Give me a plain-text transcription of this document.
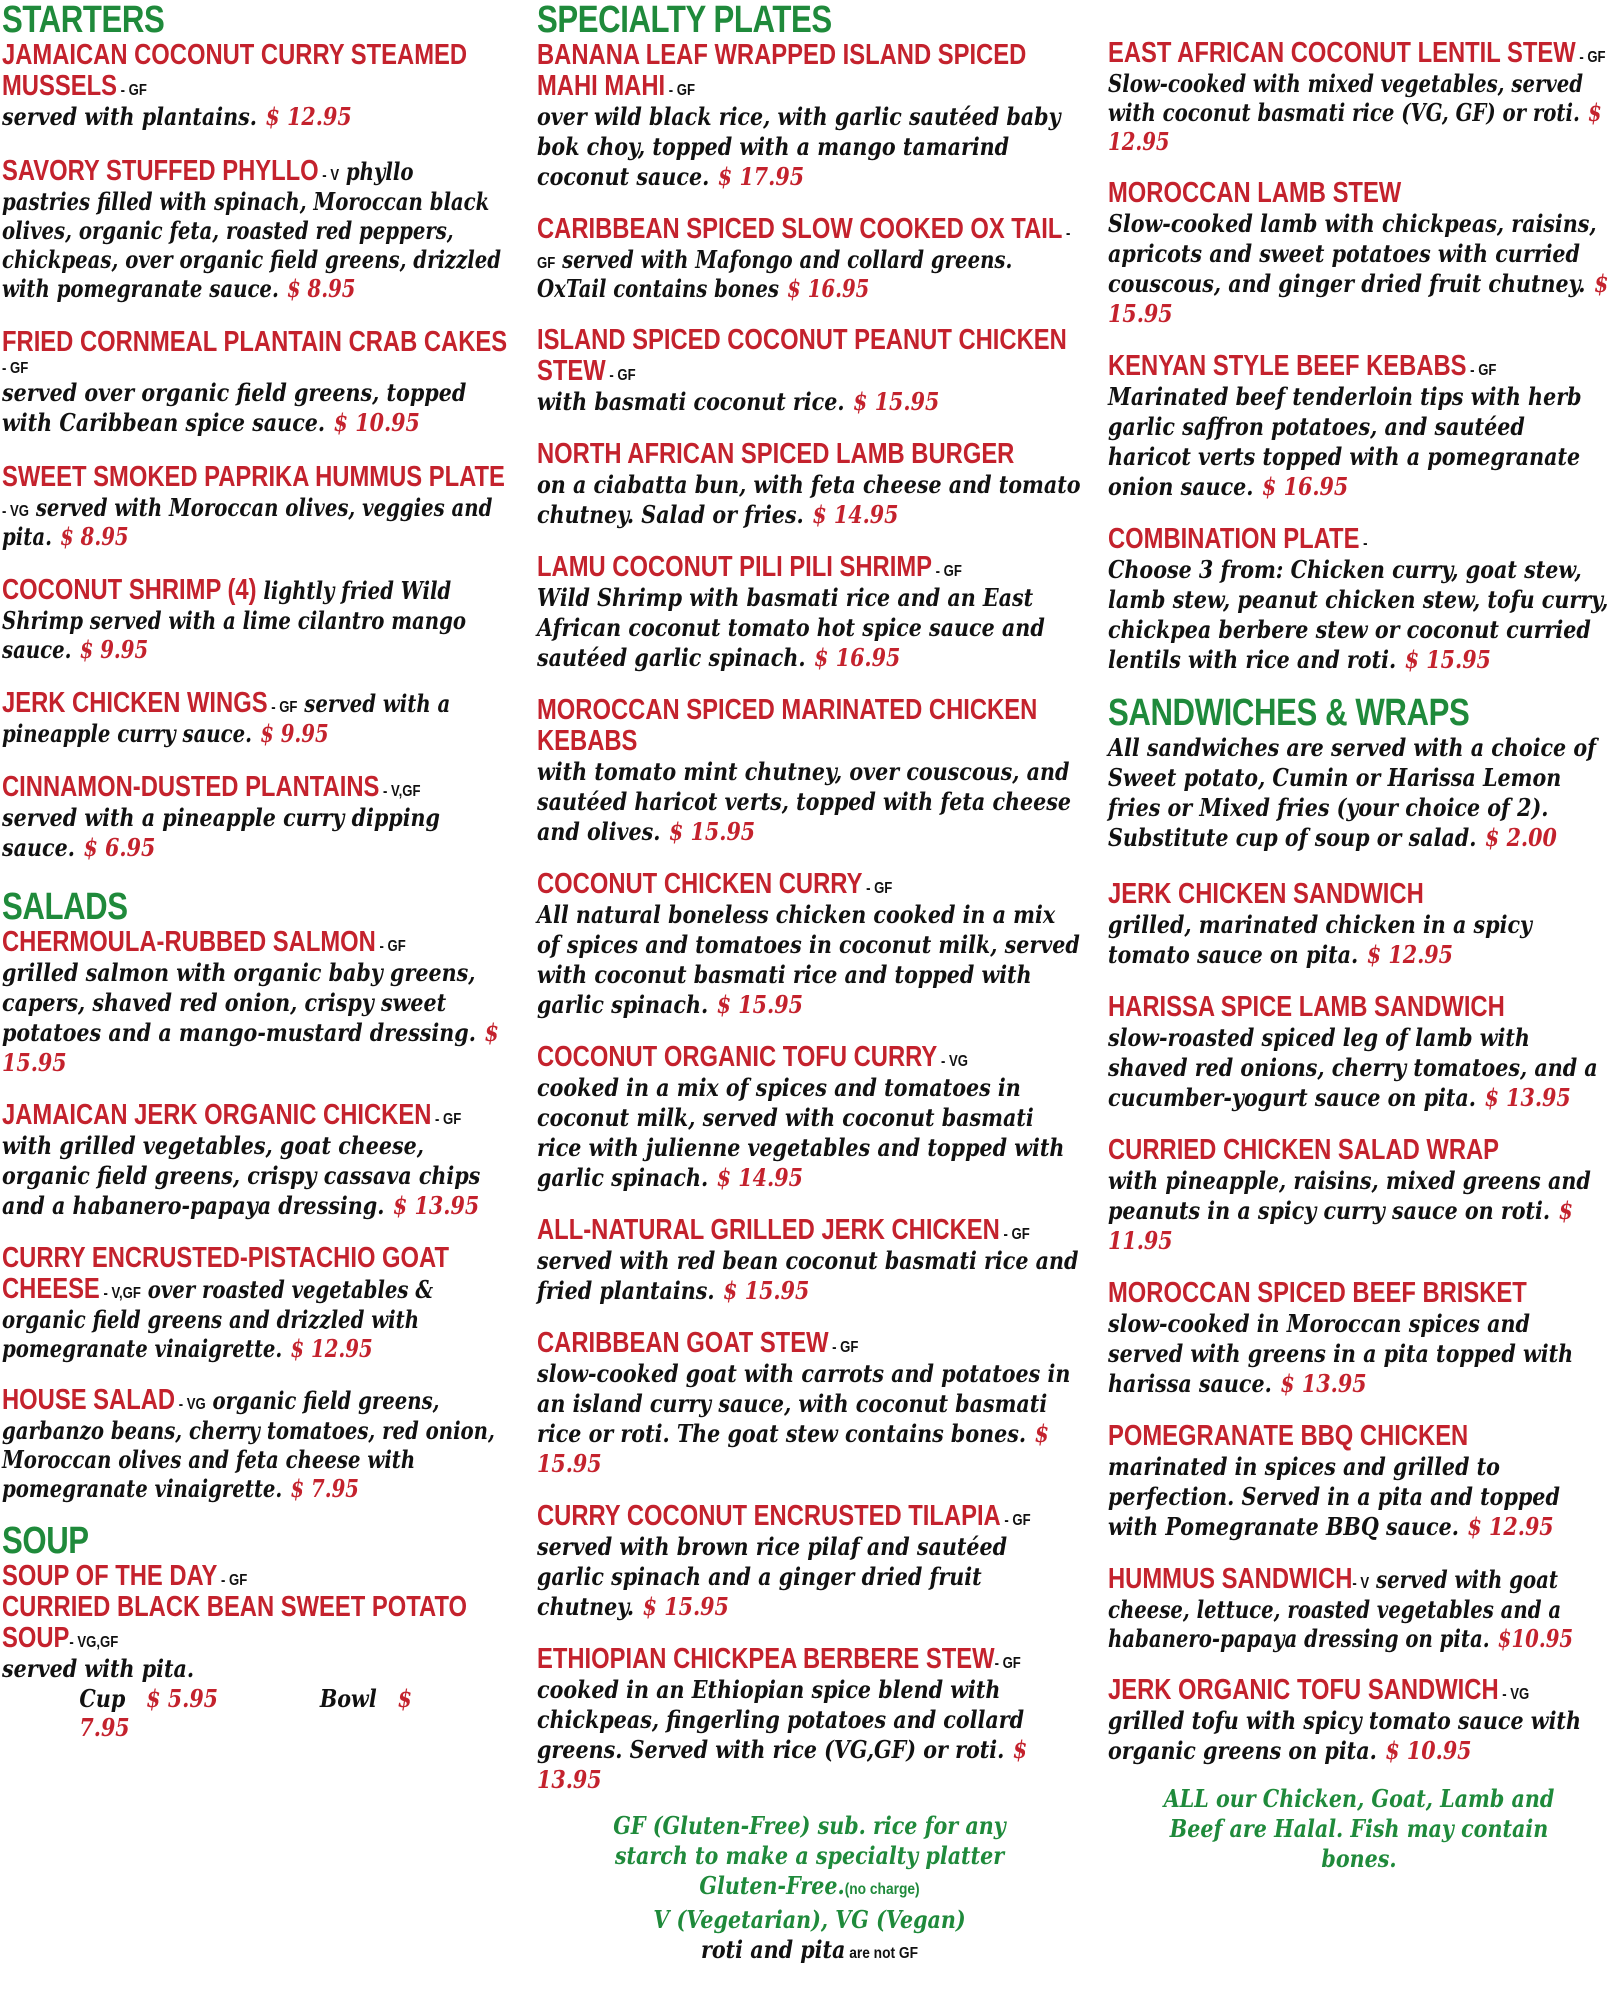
STARTERS
JAMAICAN COCONUT CURRY STEAMED MUSSELS - GF
served with plantains. $ 12.95
SAVORY STUFFED PHYLLO - V phyllo pastries filled with spinach, Moroccan black olives, organic feta, roasted red peppers, chickpeas, over organic field greens, drizzled with pomegranate sauce. $ 8.95
FRIED CORNMEAL PLANTAIN CRAB CAKES - GF
served over organic field greens, topped with Caribbean spice sauce. $ 10.95
SWEET SMOKED PAPRIKA HUMMUS PLATE - VG served with Moroccan olives, veggies and pita. $ 8.95
COCONUT SHRIMP (4) lightly fried Wild Shrimp served with a lime cilantro mango sauce. $ 9.95
JERK CHICKEN WINGS - GF served with a pineapple curry sauce. $ 9.95
CINNAMON-DUSTED PLANTAINS - V,GF
served with a pineapple curry dipping sauce. $ 6.95
SALADS
CHERMOULA-RUBBED SALMON - GF
grilled salmon with organic baby greens, capers, shaved red onion, crispy sweet potatoes and a mango-mustard dressing. $ 15.95
JAMAICAN JERK ORGANIC CHICKEN - GF
with grilled vegetables, goat cheese, organic field greens, crispy cassava chips and a habanero-papaya dressing. $ 13.95
CURRY ENCRUSTED-PISTACHIO GOAT CHEESE - V,GF over roasted vegetables & organic field greens and drizzled with pomegranate vinaigrette. $ 12.95
HOUSE SALAD - VG organic field greens, garbanzo beans, cherry tomatoes, red onion, Moroccan olives and feta cheese with pomegranate vinaigrette. $ 7.95
SOUP
SOUP OF THE DAY - GF
CURRIED BLACK BEAN SWEET POTATO SOUP- VG,GF
served with pita.
Cup $ 5.95	Bowl $ 7.95
SPECIALTY PLATES
BANANA LEAF WRAPPED ISLAND SPICED MAHI MAHI - GF
over wild black rice, with garlic sautéed baby bok choy, topped with a mango tamarind coconut sauce. $ 17.95
CARIBBEAN SPICED SLOW COOKED OX TAIL - GF served with Mafongo and collard greens. OxTail contains bones $ 16.95
ISLAND SPICED COCONUT PEANUT CHICKEN STEW - GF
with basmati coconut rice. $ 15.95
NORTH AFRICAN SPICED LAMB BURGER
on a ciabatta bun, with feta cheese and tomato chutney. Salad or fries. $ 14.95
LAMU COCONUT PILI PILI SHRIMP - GF
Wild Shrimp with basmati rice and an East African coconut tomato hot spice sauce and sautéed garlic spinach. $ 16.95
MOROCCAN SPICED MARINATED CHICKEN KEBABS
with tomato mint chutney, over couscous, and sautéed haricot verts, topped with feta cheese and olives. $ 15.95
COCONUT CHICKEN CURRY - GF
All natural boneless chicken cooked in a mix of spices and tomatoes in coconut milk, served with coconut basmati rice and topped with garlic spinach. $ 15.95
COCONUT ORGANIC TOFU CURRY - VG
cooked in a mix of spices and tomatoes in coconut milk, served with coconut basmati rice with julienne vegetables and topped with garlic spinach. $ 14.95
ALL-NATURAL GRILLED JERK CHICKEN - GF
served with red bean coconut basmati rice and fried plantains. $ 15.95
CARIBBEAN GOAT STEW - GF
slow-cooked goat with carrots and potatoes in an island curry sauce, with coconut basmati rice or roti. The goat stew contains bones. $ 15.95
CURRY COCONUT ENCRUSTED TILAPIA - GF
served with brown rice pilaf and sautéed garlic spinach and a ginger dried fruit chutney. $ 15.95
ETHIOPIAN CHICKPEA BERBERE STEW- GF
cooked in an Ethiopian spice blend with chickpeas, fingerling potatoes and collard greens. Served with rice (VG,GF) or roti. $ 13.95
GF (Gluten-Free) sub. rice for any starch to make a specialty platter Gluten-Free.(no charge)
V (Vegetarian), VG (Vegan)
roti and pita are not GF
EAST AFRICAN COCONUT LENTIL STEW - GF Slow-cooked with mixed vegetables, served with coconut basmati rice (VG, GF) or roti. $ 12.95
MOROCCAN LAMB STEW
Slow-cooked lamb with chickpeas, raisins, apricots and sweet potatoes with curried couscous, and ginger dried fruit chutney. $ 15.95
KENYAN STYLE BEEF KEBABS - GF
Marinated beef tenderloin tips with herb garlic saffron potatoes, and sautéed haricot verts topped with a pomegranate onion sauce. $ 16.95
COMBINATION PLATE -
Choose 3 from: Chicken curry, goat stew, lamb stew, peanut chicken stew, tofu curry, chickpea berbere stew or coconut curried lentils with rice and roti. $ 15.95
SANDWICHES & WRAPS
All sandwiches are served with a choice of Sweet potato, Cumin or Harissa Lemon fries or Mixed fries (your choice of 2). Substitute cup of soup or salad. $ 2.00
JERK CHICKEN SANDWICH
grilled, marinated chicken in a spicy tomato sauce on pita. $ 12.95
HARISSA SPICE LAMB SANDWICH
slow-roasted spiced leg of lamb with shaved red onions, cherry tomatoes, and a cucumber-yogurt sauce on pita. $ 13.95
CURRIED CHICKEN SALAD WRAP
with pineapple, raisins, mixed greens and peanuts in a spicy curry sauce on roti. $ 11.95
MOROCCAN SPICED BEEF BRISKET
slow-cooked in Moroccan spices and served with greens in a pita topped with harissa sauce. $ 13.95
POMEGRANATE BBQ CHICKEN
marinated in spices and grilled to perfection. Served in a pita and topped with Pomegranate BBQ sauce. $ 12.95
HUMMUS SANDWICH- V served with goat cheese, lettuce, roasted vegetables and a habanero-papaya dressing on pita. $10.95
JERK ORGANIC TOFU SANDWICH - VG
grilled tofu with spicy tomato sauce with organic greens on pita. $ 10.95
ALL our Chicken, Goat, Lamb and Beef are Halal. Fish may contain bones.
